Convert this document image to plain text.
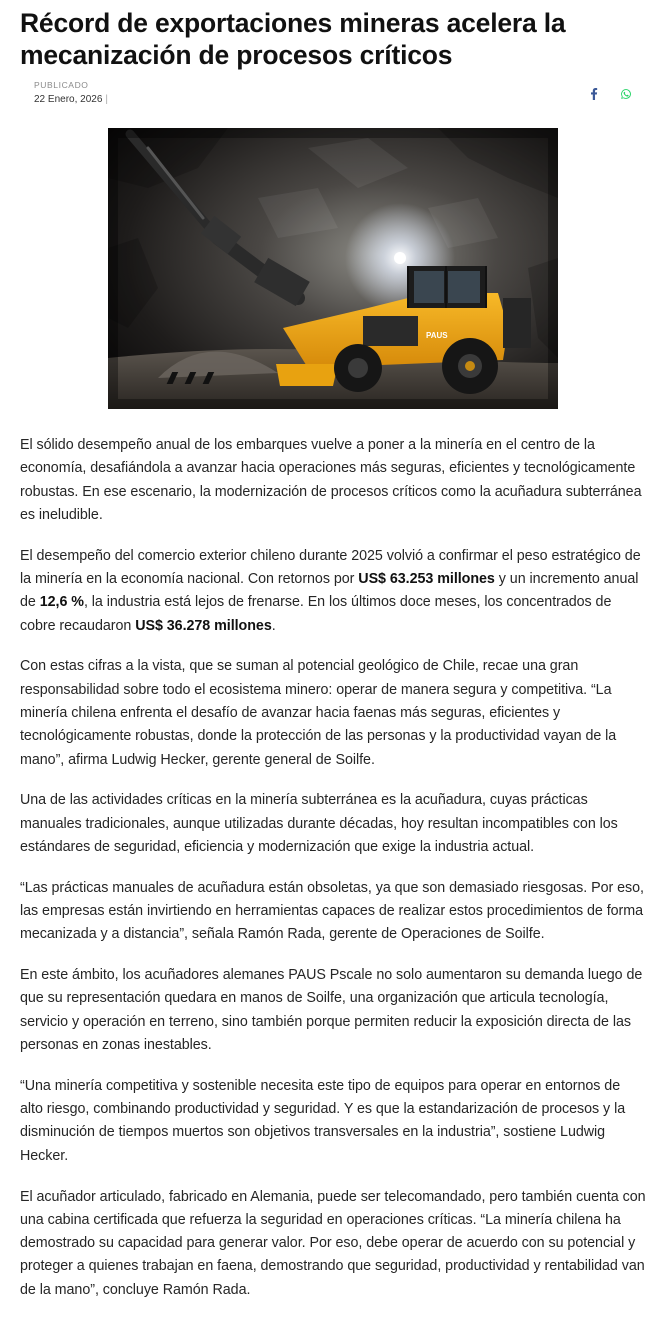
Récord de exportaciones mineras acelera la mecanización de procesos críticos
PUBLICADO
22 Enero, 2026 |
PAUS

El sólido desempeño anual de los embarques vuelve a poner a la minería en el centro de la economía, desafiándola a avanzar hacia operaciones más seguras, eficientes y tecnológicamente robustas. En ese escenario, la modernización de procesos críticos como la acuñadura subterránea es ineludible.

El desempeño del comercio exterior chileno durante 2025 volvió a confirmar el peso estratégico de la minería en la economía nacional. Con retornos por US$ 63.253 millones y un incremento anual de 12,6 %, la industria está lejos de frenarse. En los últimos doce meses, los concentrados de cobre recaudaron US$ 36.278 millones.

Con estas cifras a la vista, que se suman al potencial geológico de Chile, recae una gran responsabilidad sobre todo el ecosistema minero: operar de manera segura y competitiva. “La minería chilena enfrenta el desafío de avanzar hacia faenas más seguras, eficientes y tecnológicamente robustas, donde la protección de las personas y la productividad vayan de la mano”, afirma Ludwig Hecker, gerente general de Soilfe.

Una de las actividades críticas en la minería subterránea es la acuñadura, cuyas prácticas manuales tradicionales, aunque utilizadas durante décadas, hoy resultan incompatibles con los estándares de seguridad, eficiencia y modernización que exige la industria actual.

“Las prácticas manuales de acuñadura están obsoletas, ya que son demasiado riesgosas. Por eso, las empresas están invirtiendo en herramientas capaces de realizar estos procedimientos de forma mecanizada y a distancia”, señala Ramón Rada, gerente de Operaciones de Soilfe.

En este ámbito, los acuñadores alemanes PAUS Pscale no solo aumentaron su demanda luego de que su representación quedara en manos de Soilfe, una organización que articula tecnología, servicio y operación en terreno, sino también porque permiten reducir la exposición directa de las personas en zonas inestables.

“Una minería competitiva y sostenible necesita este tipo de equipos para operar en entornos de alto riesgo, combinando productividad y seguridad. Y es que la estandarización de procesos y la disminución de tiempos muertos son objetivos transversales en la industria”, sostiene Ludwig Hecker.

El acuñador articulado, fabricado en Alemania, puede ser telecomandado, pero también cuenta con una cabina certificada que refuerza la seguridad en operaciones críticas. “La minería chilena ha demostrado su capacidad para generar valor. Por eso, debe operar de acuerdo con su potencial y proteger a quienes trabajan en faena, demostrando que seguridad, productividad y rentabilidad van de la mano”, concluye Ramón Rada.
